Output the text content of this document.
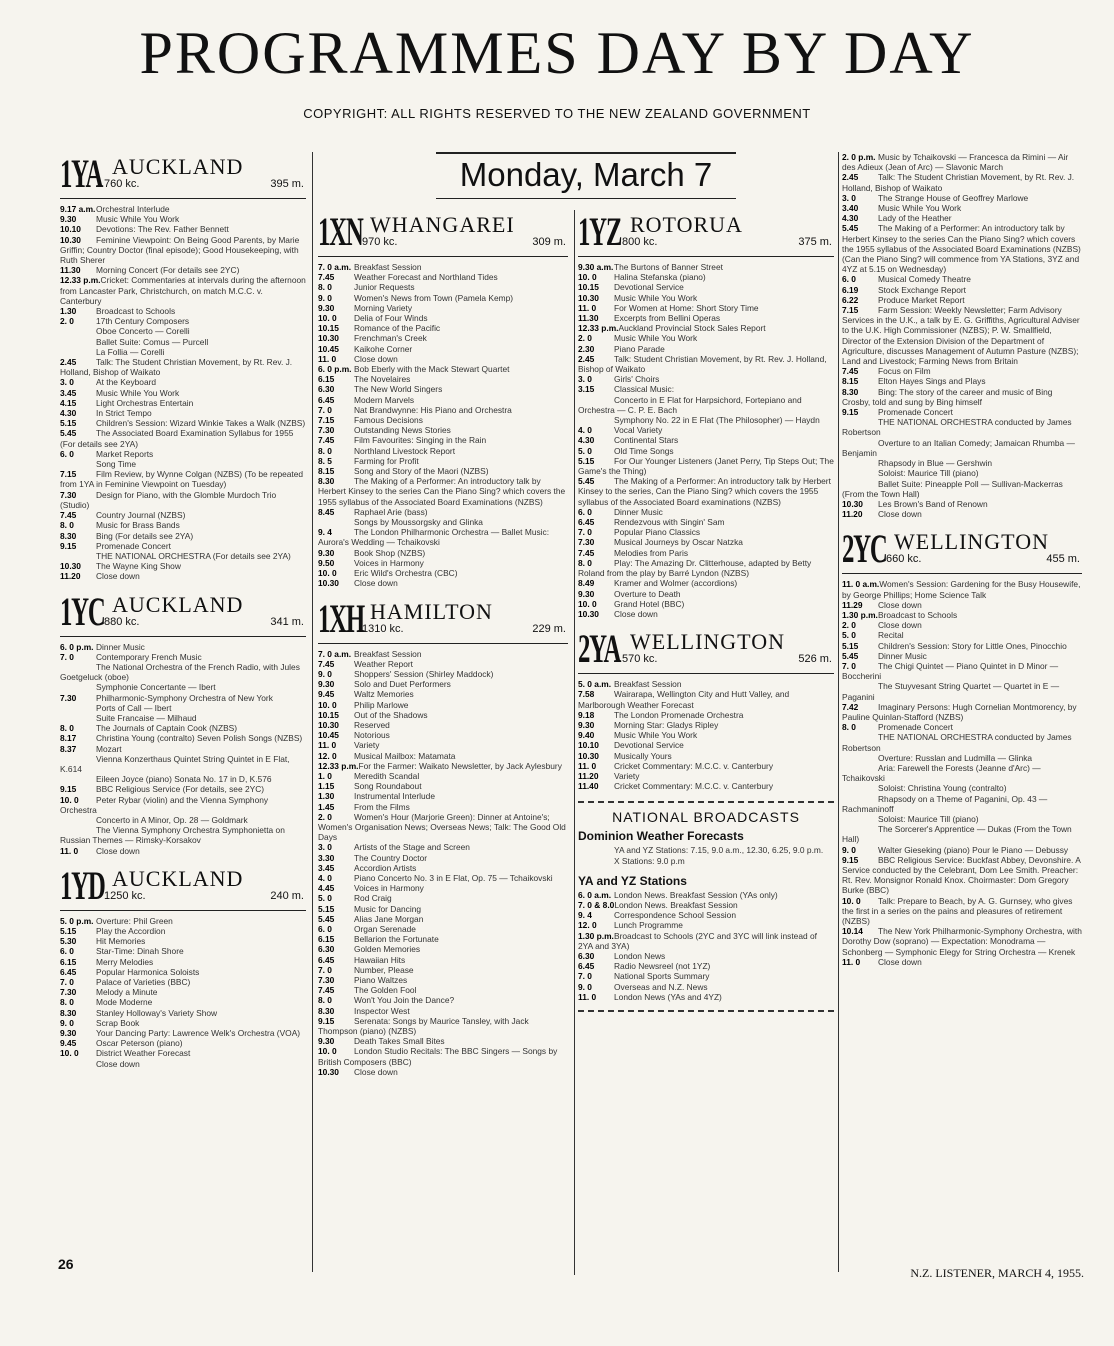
PROGRAMMES DAY BY DAY
COPYRIGHT: ALL RIGHTS RESERVED TO THE NEW ZEALAND GOVERNMENT
1YA AUCKLAND
760 kc.	395 m.
9.17 a.m.Orchestral Interlude
9.30 Music While You Work
10.10 Devotions: The Rev. Father Bennett
10.30 Feminine Viewpoint: On Being Good Parents, by Marie Griffin; Country Doctor (final episode); Good Housekeeping, with Ruth Sherer
11.30 Morning Concert (For details see 2YC)
12.33 p.m.Cricket: Commentaries at intervals during the afternoon from Lancaster Park, Christchurch, on match M.C.C. v. Canterbury
1.30 Broadcast to Schools
2. 0	17th Century Composers
Oboe Concerto — Corelli
Ballet Suite: Comus — Purcell
La Follia — Corelli
2.45 Talk: The Student Christian Movement, by Rt. Rev. J. Holland, Bishop of Waikato
3. 0	At the Keyboard
3.45 Music While You Work
4.15 Light Orchestras Entertain
4.30 In Strict Tempo
5.15 Children's Session: Wizard Winkie Takes a Walk (NZBS)
5.45 The Associated Board Examination Syllabus for 1955 (For details see 2YA)
6. 0	Market Reports
Song Time
7.15 Film Review, by Wynne Colgan (NZBS) (To be repeated from 1YA in Feminine Viewpoint on Tuesday)
7.30 Design for Piano, with the Glomble Murdoch Trio (Studio)
7.45 Country Journal (NZBS)
8. 0	Music for Brass Bands
8.30 Bing (For details see 2YA)
9.15 Promenade Concert
THE NATIONAL ORCHESTRA (For details see 2YA)
10.30 The Wayne King Show
11.20 Close down
1YC AUCKLAND
880 kc.	341 m.
6. 0 p.m. Dinner Music
7. 0	Contemporary French Music
The National Orchestra of the French Radio, with Jules Goetgeluck (oboe)
Symphonie Concertante — Ibert
7.30 Philharmonic-Symphony Orchestra of New York
Ports of Call — Ibert
Suite Francaise — Milhaud
8. 0	The Journals of Captain Cook (NZBS)
8.17 Christina Young (contralto) Seven Polish Songs (NZBS)
8.37 Mozart
Vienna Konzerthaus Quintet String Quintet in E Flat, K.614
Eileen Joyce (piano) Sonata No. 17 in D, K.576
9.15 BBC Religious Service (For details, see 2YC)
10. 0 Peter Rybar (violin) and the Vienna Symphony Orchestra
Concerto in A Minor, Op. 28 — Goldmark
The Vienna Symphony Orchestra Symphonietta on Russian Themes — Rimsky-Korsakov
11. 0 Close down
1YD AUCKLAND
1250 kc.	240 m.
5. 0 p.m. Overture: Phil Green
5.15 Play the Accordion
5.30 Hit Memories
6. 0	Star-Time: Dinah Shore
6.15 Merry Melodies
6.45 Popular Harmonica Soloists
7. 0	Palace of Varieties (BBC)
7.30 Melody a Minute
8. 0	Mode Moderne
8.30 Stanley Holloway's Variety Show
9. 0	Scrap Book
9.30 Your Dancing Party: Lawrence Welk's Orchestra (VOA)
9.45 Oscar Peterson (piano)
10. 0 District Weather Forecast
Close down
Monday, March 7
1XN WHANGAREI
970 kc.	309 m.
7. 0 a.m. Breakfast Session
7.45 Weather Forecast and Northland Tides
8. 0	Junior Requests
9. 0	Women's News from Town (Pamela Kemp)
9.30 Morning Variety
10. 0 Delia of Four Winds
10.15 Romance of the Pacific
10.30 Frenchman's Creek
10.45 Kaikohe Corner
11. 0 Close down
6. 0 p.m. Bob Eberly with the Mack Stewart Quartet
6.15 The Novelaires
6.30 The New World Singers
6.45 Modern Marvels
7. 0	Nat Brandwynne: His Piano and Orchestra
7.15 Famous Decisions
7.30 Outstanding News Stories
7.45 Film Favourites: Singing in the Rain
8. 0	Northland Livestock Report
8. 5	Farming for Profit
8.15 Song and Story of the Maori (NZBS)
8.30 The Making of a Performer: An introductory talk by Herbert Kinsey to the series Can the Piano Sing? which covers the 1955 syllabus of the Associated Board Examinations (NZBS)
8.45 Raphael Arie (bass)
Songs by Moussorgsky and Glinka
9. 4	The London Philharmonic Orchestra — Ballet Music: Aurora's Wedding — Tchaikovski
9.30 Book Shop (NZBS)
9.50 Voices in Harmony
10. 0 Eric Wild's Orchestra (CBC)
10.30 Close down
1XH HAMILTON
1310 kc.	229 m.
7. 0 a.m. Breakfast Session
7.45 Weather Report
9. 0	Shoppers' Session (Shirley Maddock)
9.30 Solo and Duet Performers
9.45 Waltz Memories
10. 0 Philip Marlowe
10.15 Out of the Shadows
10.30 Reserved
10.45 Notorious
11. 0 Variety
12. 0 Musical Mailbox: Matamata
12.33 p.m.For the Farmer: Waikato Newsletter, by Jack Aylesbury
1. 0	Meredith Scandal
1.15 Song Roundabout
1.30 Instrumental Interlude
1.45 From the Films
2. 0	Women's Hour (Marjorie Green): Dinner at Antoine's; Women's Organisation News; Overseas News; Talk: The Good Old Days
3. 0	Artists of the Stage and Screen
3.30 The Country Doctor
3.45 Accordion Artists
4. 0	Piano Concerto No. 3 in E Flat, Op. 75 — Tchaikovski
4.45 Voices in Harmony
5. 0	Rod Craig
5.15 Music for Dancing
5.45 Alias Jane Morgan
6. 0	Organ Serenade
6.15 Bellarion the Fortunate
6.30 Golden Memories
6.45 Hawaiian Hits
7. 0	Number, Please
7.30 Piano Waltzes
7.45 The Golden Fool
8. 0	Won't You Join the Dance?
8.30 Inspector West
9.15 Serenata: Songs by Maurice Tansley, with Jack Thompson (piano) (NZBS)
9.30 Death Takes Small Bites
10. 0 London Studio Recitals: The BBC Singers — Songs by British Composers (BBC)
10.30 Close down
1YZ ROTORUA
800 kc.	375 m.
9.30 a.m.The Burtons of Banner Street
10. 0 Halina Stefanska (piano)
10.15 Devotional Service
10.30 Music While You Work
11. 0 For Women at Home: Short Story Time
11.30 Excerpts from Bellini Operas
12.33 p.m.Auckland Provincial Stock Sales Report
2. 0	Music While You Work
2.30 Piano Parade
2.45 Talk: Student Christian Movement, by Rt. Rev. J. Holland, Bishop of Waikato
3. 0	Girls' Choirs
3.15 Classical Music:
Concerto in E Flat for Harpsichord, Fortepiano and Orchestra — C. P. E. Bach
Symphony No. 22 in E Flat (The Philosopher) — Haydn
4. 0	Vocal Variety
4.30 Continental Stars
5. 0	Old Time Songs
5.15 For Our Younger Listeners (Janet Perry, Tip Steps Out; The Game's the Thing)
5.45 The Making of a Performer: An introductory talk by Herbert Kinsey to the series, Can the Piano Sing? which covers the 1955 syllabus of the Associated Board examinations (NZBS)
6. 0	Dinner Music
6.45 Rendezvous with Singin' Sam
7. 0	Popular Piano Classics
7.30 Musical Journeys by Oscar Natzka
7.45 Melodies from Paris
8. 0	Play: The Amazing Dr. Clitterhouse, adapted by Betty Roland from the play by Barré Lyndon (NZBS)
8.49 Kramer and Wolmer (accordions)
9.30 Overture to Death
10. 0 Grand Hotel (BBC)
10.30 Close down
2YA WELLINGTON
570 kc.	526 m.
5. 0 a.m. Breakfast Session
7.58 Wairarapa, Wellington City and Hutt Valley, and Marlborough Weather Forecast
9.18 The London Promenade Orchestra
9.30 Morning Star: Gladys Ripley
9.40 Music While You Work
10.10 Devotional Service
10.30 Musically Yours
11. 0 Cricket Commentary: M.C.C. v. Canterbury
11.20 Variety
11.40 Cricket Commentary: M.C.C. v. Canterbury
NATIONAL BROADCASTS
Dominion Weather Forecasts
YA and YZ Stations: 7.15, 9.0 a.m., 12.30, 6.25, 9.0 p.m.
X Stations: 9.0 p.m
YA and YZ Stations
6. 0 a.m. London News. Breakfast Session (YAs only)
7. 0 & 8.0London News. Breakfast Session
9. 4	Correspondence School Session
12. 0 Lunch Programme
1.30 p.m.Broadcast to Schools (2YC and 3YC will link instead of 2YA and 3YA)
6.30 London News
6.45 Radio Newsreel (not 1YZ)
7. 0	National Sports Summary
9. 0	Overseas and N.Z. News
11. 0 London News (YAs and 4YZ)
2. 0 p.m. Music by Tchaikovski — Francesca da Rimini — Air des Adieux (Jean of Arc) — Slavonic March
2.45 Talk: The Student Christian Movement, by Rt. Rev. J. Holland, Bishop of Waikato
3. 0	The Strange House of Geoffrey Marlowe
3.40 Music While You Work
4.30 Lady of the Heather
5.45 The Making of a Performer: An introductory talk by Herbert Kinsey to the series Can the Piano Sing? which covers the 1955 syllabus of the Associated Board Examinations (NZBS) (Can the Piano Sing? will commence from YA Stations, 3YZ and 4YZ at 5.15 on Wednesday)
6. 0	Musical Comedy Theatre
6.19 Stock Exchange Report
6.22 Produce Market Report
7.15 Farm Session: Weekly Newsletter; Farm Advisory Services in the U.K., a talk by E. G. Griffiths, Agricultural Adviser to the U.K. High Commissioner (NZBS); P. W. Smallfield, Director of the Extension Division of the Department of Agriculture, discusses Management of Autumn Pasture (NZBS); Land and Livestock; Farming News from Britain
7.45 Focus on Film
8.15 Elton Hayes Sings and Plays
8.30 Bing: The story of the career and music of Bing Crosby, told and sung by Bing himself
9.15 Promenade Concert
THE NATIONAL ORCHESTRA conducted by James Robertson
Overture to an Italian Comedy; Jamaican Rhumba — Benjamin
Rhapsody in Blue — Gershwin
Soloist: Maurice Till (piano)
Ballet Suite: Pineapple Poll — Sullivan-Mackerras (From the Town Hall)
10.30 Les Brown's Band of Renown
11.20 Close down
2YC WELLINGTON
660 kc.	455 m.
11. 0 a.m.Women's Session: Gardening for the Busy Housewife, by George Phillips; Home Science Talk
11.29 Close down
1.30 p.m.Broadcast to Schools
2. 0	Close down
5. 0	Recital
5.15 Children's Session: Story for Little Ones, Pinocchio
5.45 Dinner Music
7. 0	The Chigi Quintet — Piano Quintet in D Minor — Boccherini
The Stuyvesant String Quartet — Quartet in E — Paganini
7.42 Imaginary Persons: Hugh Cornelian Montmorency, by Pauline Quinlan-Stafford (NZBS)
8. 0	Promenade Concert
THE NATIONAL ORCHESTRA conducted by James Robertson
Overture: Russlan and Ludmilla — Glinka
Aria: Farewell the Forests (Jeanne d'Arc) — Tchaikovski
Soloist: Christina Young (contralto)
Rhapsody on a Theme of Paganini, Op. 43 — Rachmaninoff
Soloist: Maurice Till (piano)
The Sorcerer's Apprentice — Dukas (From the Town Hall)
9. 0	Walter Gieseking (piano) Pour le Piano — Debussy
9.15 BBC Religious Service: Buckfast Abbey, Devonshire. A Service conducted by the Celebrant, Dom Lee Smith. Preacher: Rt. Rev. Monsignor Ronald Knox. Choirmaster: Dom Gregory Burke (BBC)
10. 0 Talk: Prepare to Beach, by A. G. Gurnsey, who gives the first in a series on the pains and pleasures of retirement (NZBS)
10.14 The New York Philharmonic-Symphony Orchestra, with Dorothy Dow (soprano) — Expectation: Monodrama — Schonberg — Symphonic Elegy for String Orchestra — Krenek
11. 0 Close down
26
N.Z. LISTENER, MARCH 4, 1955.
